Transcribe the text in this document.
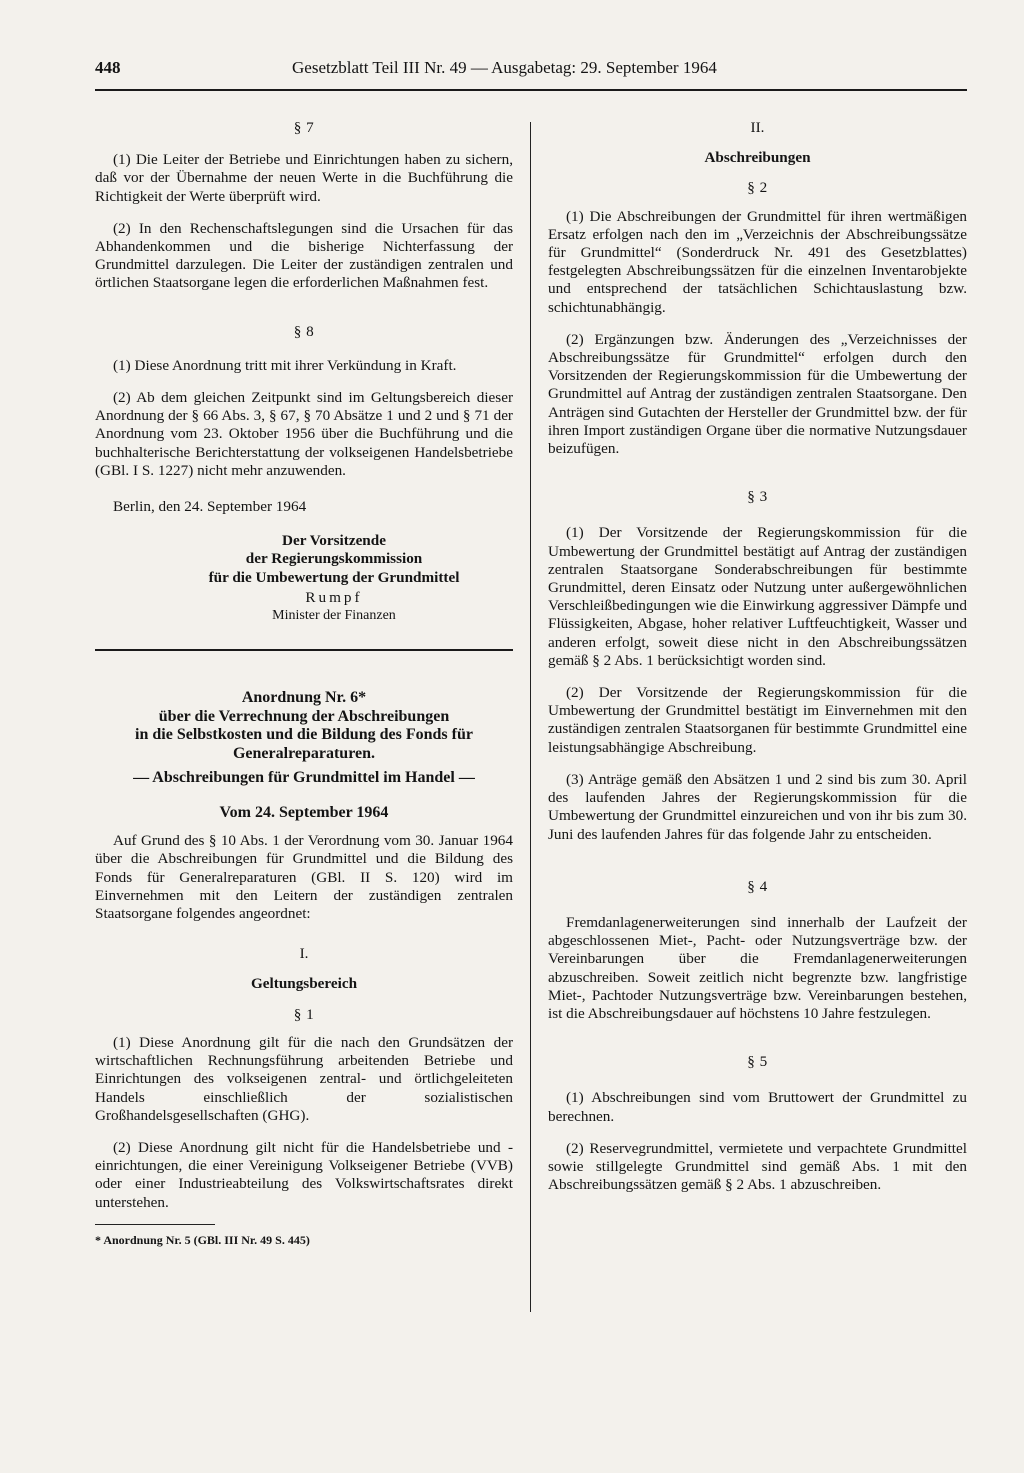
448	Gesetzblatt Teil III Nr. 49 — Ausgabetag: 29. September 1964

§ 7

(1) Die Leiter der Betriebe und Einrichtungen haben zu sichern, daß vor der Übernahme der neuen Werte in die Buchführung die Richtigkeit der Werte überprüft wird.

(2) In den Rechenschaftslegungen sind die Ursachen für das Abhandenkommen und die bisherige Nichterfassung der Grundmittel darzulegen. Die Leiter der zuständigen zentralen und örtlichen Staatsorgane legen die erforderlichen Maßnahmen fest.

§ 8

(1) Diese Anordnung tritt mit ihrer Verkündung in Kraft.

(2) Ab dem gleichen Zeitpunkt sind im Geltungsbereich dieser Anordnung der § 66 Abs. 3, § 67, § 70 Absätze 1 und 2 und § 71 der Anordnung vom 23. Oktober 1956 über die Buchführung und die buchhalterische Berichterstattung der volkseigenen Handelsbetriebe (GBl. I S. 1227) nicht mehr anzuwenden.

Berlin, den 24. September 1964

Der Vorsitzende

der Regierungskommission

für die Umbewertung der Grundmittel

Rumpf

Minister der Finanzen

Anordnung Nr. 6*

über die Verrechnung der Abschreibungen

in die Selbstkosten und die Bildung des Fonds für

Generalreparaturen.

— Abschreibungen für Grundmittel im Handel —

Vom 24. September 1964

Auf Grund des § 10 Abs. 1 der Verordnung vom 30. Januar 1964 über die Abschreibungen für Grundmittel und die Bildung des Fonds für Generalreparaturen (GBl. II S. 120) wird im Einvernehmen mit den Leitern der zuständigen zentralen Staatsorgane folgendes angeordnet:

I.

Geltungsbereich

§ 1

(1) Diese Anordnung gilt für die nach den Grundsätzen der wirtschaftlichen Rechnungsführung arbeitenden Betriebe und Einrichtungen des volkseigenen zentral- und örtlichgeleiteten Handels einschließlich der sozialistischen Großhandelsgesellschaften (GHG).

(2) Diese Anordnung gilt nicht für die Handelsbetriebe und -einrichtungen, die einer Vereinigung Volkseigener Betriebe (VVB) oder einer Industrieabteilung des Volkswirtschaftsrates direkt unterstehen.

* Anordnung Nr. 5 (GBl. III Nr. 49 S. 445)

II.

Abschreibungen

§ 2

(1) Die Abschreibungen der Grundmittel für ihren wertmäßigen Ersatz erfolgen nach den im „Verzeichnis der Abschreibungssätze für Grundmittel“ (Sonderdruck Nr. 491 des Gesetzblattes) festgelegten Abschreibungssätzen für die einzelnen Inventarobjekte und entsprechend der tatsächlichen Schichtauslastung bzw. schichtunabhängig.

(2) Ergänzungen bzw. Änderungen des „Verzeichnisses der Abschreibungssätze für Grundmittel“ erfolgen durch den Vorsitzenden der Regierungskommission für die Umbewertung der Grundmittel auf Antrag der zuständigen zentralen Staatsorgane. Den Anträgen sind Gutachten der Hersteller der Grundmittel bzw. der für ihren Import zuständigen Organe über die normative Nutzungsdauer beizufügen.

§ 3

(1) Der Vorsitzende der Regierungskommission für die Umbewertung der Grundmittel bestätigt auf Antrag der zuständigen zentralen Staatsorgane Sonderabschreibungen für bestimmte Grundmittel, deren Einsatz oder Nutzung unter außergewöhnlichen Verschleißbedingungen wie die Einwirkung aggressiver Dämpfe und Flüssigkeiten, Abgase, hoher relativer Luftfeuchtigkeit, Wasser und anderen erfolgt, soweit diese nicht in den Abschreibungssätzen gemäß § 2 Abs. 1 berücksichtigt worden sind.

(2) Der Vorsitzende der Regierungskommission für die Umbewertung der Grundmittel bestätigt im Einvernehmen mit den zuständigen zentralen Staatsorganen für bestimmte Grundmittel eine leistungsabhängige Abschreibung.

(3) Anträge gemäß den Absätzen 1 und 2 sind bis zum 30. April des laufenden Jahres der Regierungskommission für die Umbewertung der Grundmittel einzureichen und von ihr bis zum 30. Juni des laufenden Jahres für das folgende Jahr zu entscheiden.

§ 4

Fremdanlagenerweiterungen sind innerhalb der Laufzeit der abgeschlossenen Miet-, Pacht- oder Nutzungsverträge bzw. der Vereinbarungen über die Fremdanlagenerweiterungen abzuschreiben. Soweit zeitlich nicht begrenzte bzw. langfristige Miet-, Pachtoder Nutzungsverträge bzw. Vereinbarungen bestehen, ist die Abschreibungsdauer auf höchstens 10 Jahre festzulegen.

§ 5

(1) Abschreibungen sind vom Bruttowert der Grundmittel zu berechnen.

(2) Reservegrundmittel, vermietete und verpachtete Grundmittel sowie stillgelegte Grundmittel sind gemäß Abs. 1 mit den Abschreibungssätzen gemäß § 2 Abs. 1 abzuschreiben.
